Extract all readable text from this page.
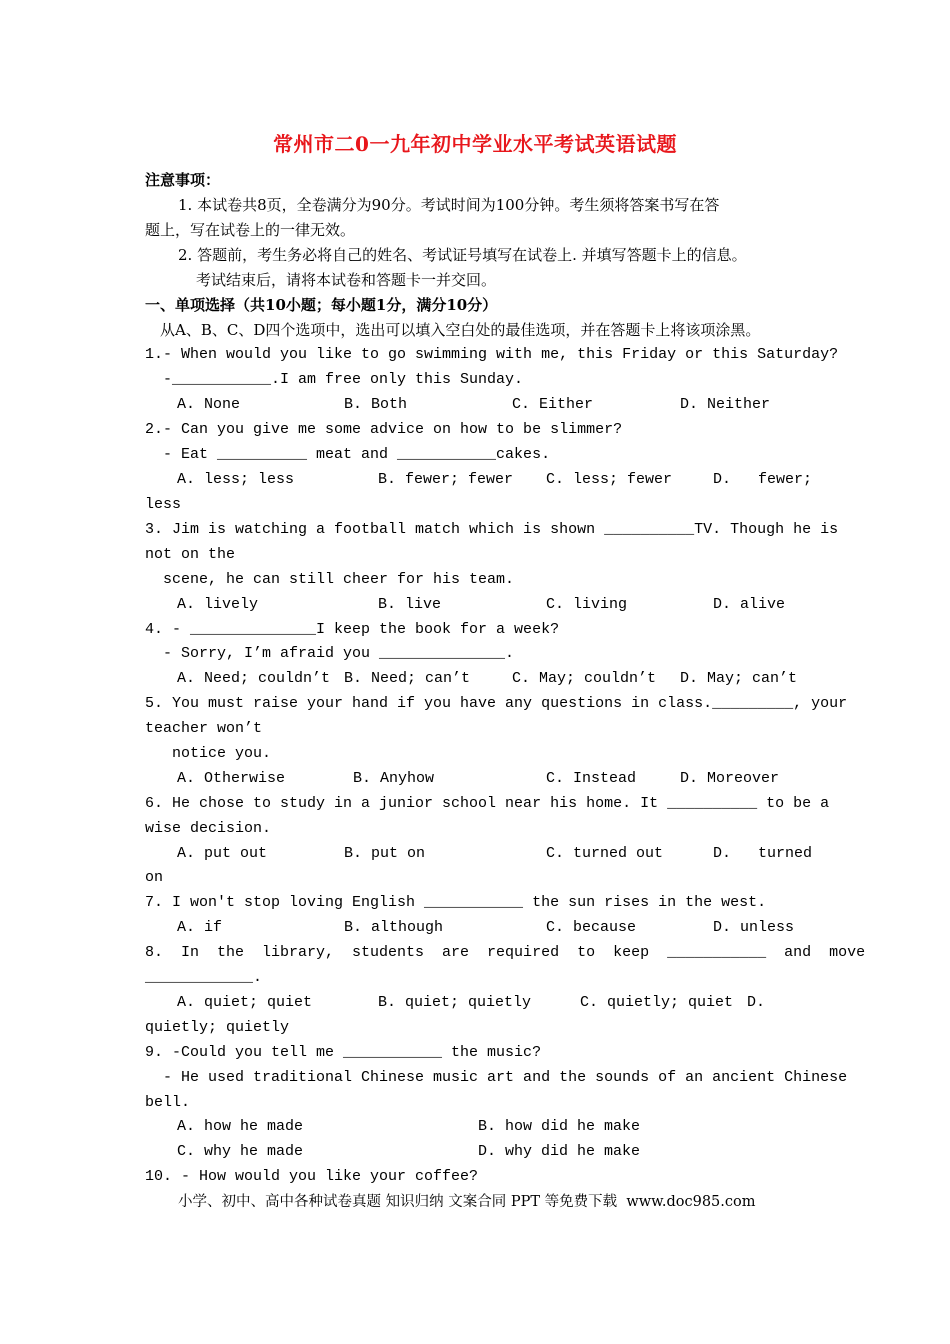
常州市二0一九年初中学业水平考试英语试题
注意事项：
1. 本试卷共8页，全卷满分为90分。考试时间为100分钟。考生须将答案书写在答
题上，写在试卷上的一律无效。
2. 答题前，考生务必将自己的姓名、考试证号填写在试卷上. 并填写答题卡上的信息。
考试结束后，请将本试卷和答题卡一并交回。
一、单项选择（共10小题；每小题1分，满分10分）
从A、B、C、D四个选项中，选出可以填入空白处的最佳选项，并在答题卡上将该项涂黑。
1.- When would you like to go swimming with me, this Friday or this Saturday?
-___________.I am free only this Sunday.
A. None	B. Both	C. Either	D. Neither
2.- Can you give me some advice on how to be slimmer?
- Eat __________ meat and ___________cakes.
A. less; less	B. fewer; fewer C. less; fewer	D.   fewer;
less
3. Jim is watching a football match which is shown __________TV. Though he is
not on the
scene, he can still cheer for his team.
A. lively	B. live	C. living	D. alive
4. - ______________I keep the book for a week?
- Sorry, I’m afraid you ______________.
A. Need; couldn’t B. Need; can’t	C. May; couldn’t D. May; can’t
5. You must raise your hand if you have any questions in class._________, your
teacher won’t
notice you.
A. Otherwise	B. Anyhow	C. Instead	D. Moreover
6. He chose to study in a junior school near his home. It __________ to be a
wise decision.
A. put out	B. put on	C. turned out	D.   turned
on
7. I won't stop loving English ___________ the sun rises in the west.
A. if	B. although	C. because	D. unless
8.  In  the  library,  students  are  required  to  keep  ___________  and  move
____________.
A. quiet; quiet	B. quiet; quietly	C. quietly; quiet D.
quietly; quietly
9. -Could you tell me ___________ the music?
- He used traditional Chinese music art and the sounds of an ancient Chinese
bell.
A. how he made	B. how did he make
C. why he made	D. why did he make
10. - How would you like your coffee?
小学、初中、高中各种试卷真题 知识归纳 文案合同 PPT 等免费下载  www.doc985.com
